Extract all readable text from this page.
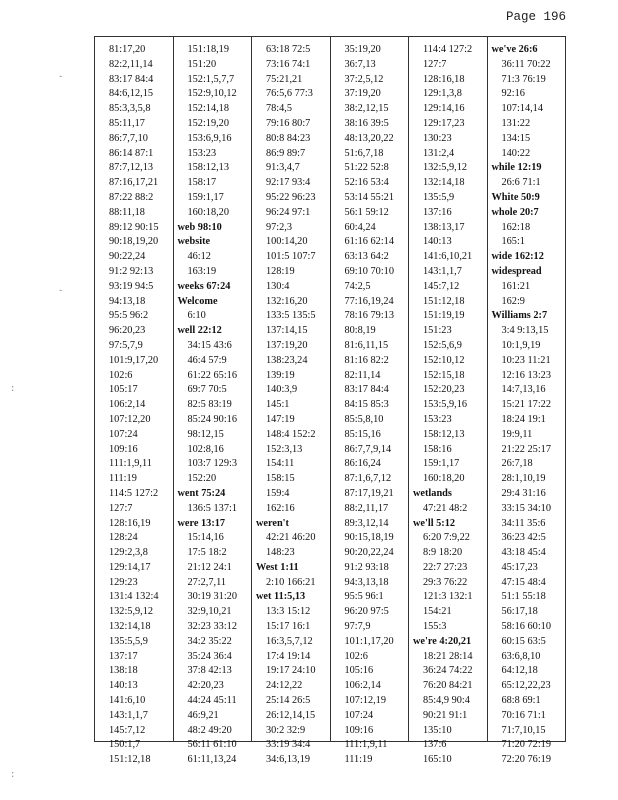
Page 196
-
-
:
:
81:17,20
82:2,11,14
83:17 84:4
84:6,12,15
85:3,3,5,8
85:11,17
86:7,7,10
86:14 87:1
87:7,12,13
87:16,17,21
87:22 88:2
88:11,18
89:12 90:15
90:18,19,20
90:22,24
91:2 92:13
93:19 94:5
94:13,18
95:5 96:2
96:20,23
97:5,7,9
101:9,17,20
102:6
105:17
106:2,14
107:12,20
107:24
109:16
111:1,9,11
111:19
114:5 127:2
127:7
128:16,19
128:24
129:2,3,8
129:14,17
129:23
131:4 132:4
132:5,9,12
132:14,18
135:5,5,9
137:17
138:18
140:13
141:6,10
143:1,1,7
145:7,12
150:1,7
151:12,18
151:18,19
151:20
152:1,5,7,7
152:9,10,12
152:14,18
152:19,20
153:6,9,16
153:23
158:12,13
158:17
159:1,17
160:18,20
web 98:10
website
46:12
163:19
weeks 67:24
Welcome
6:10
well 22:12
34:15 43:6
46:4 57:9
61:22 65:16
69:7 70:5
82:5 83:19
85:24 90:16
98:12,15
102:8,16
103:7 129:3
152:20
went 75:24
136:5 137:1
were 13:17
15:14,16
17:5 18:2
21:12 24:1
27:2,7,11
30:19 31:20
32:9,10,21
32:23 33:12
34:2 35:22
35:24 36:4
37:8 42:13
42:20,23
44:24 45:11
46:9,21
48:2 49:20
56:11 61:10
61:11,13,24
63:18 72:5
73:16 74:1
75:21,21
76:5,6 77:3
78:4,5
79:16 80:7
80:8 84:23
86:9 89:7
91:3,4,7
92:17 93:4
95:22 96:23
96:24 97:1
97:2,3
100:14,20
101:5 107:7
128:19
130:4
132:16,20
133:5 135:5
137:14,15
137:19,20
138:23,24
139:19
140:3,9
145:1
147:19
148:4 152:2
152:3,13
154:11
158:15
159:4
162:16
weren't
42:21 46:20
148:23
West 1:11
2:10 166:21
wet 11:5,13
13:3 15:12
15:17 16:1
16:3,5,7,12
17:4 19:14
19:17 24:10
24:12,22
25:14 26:5
26:12,14,15
30:2 32:9
33:19 34:4
34:6,13,19
35:19,20
36:7,13
37:2,5,12
37:19,20
38:2,12,15
38:16 39:5
48:13,20,22
51:6,7,18
51:22 52:8
52:16 53:4
53:14 55:21
56:1 59:12
60:4,24
61:16 62:14
63:13 64:2
69:10 70:10
74:2,5
77:16,19,24
78:16 79:13
80:8,19
81:6,11,15
81:16 82:2
82:11,14
83:17 84:4
84:15 85:3
85:5,8,10
85:15,16
86:7,7,9,14
86:16,24
87:1,6,7,12
87:17,19,21
88:2,11,17
89:3,12,14
90:15,18,19
90:20,22,24
91:2 93:18
94:3,13,18
95:5 96:1
96:20 97:5
97:7,9
101:1,17,20
102:6
105:16
106:2,14
107:12,19
107:24
109:16
111:1,9,11
111:19
114:4 127:2
127:7
128:16,18
129:1,3,8
129:14,16
129:17,23
130:23
131:2,4
132:5,9,12
132:14,18
135:5,9
137:16
138:13,17
140:13
141:6,10,21
143:1,1,7
145:7,12
151:12,18
151:19,19
151:23
152:5,6,9
152:10,12
152:15,18
152:20,23
153:5,9,16
153:23
158:12,13
158:16
159:1,17
160:18,20
wetlands
47:21 48:2
we'll 5:12
6:20 7:9,22
8:9 18:20
22:7 27:23
29:3 76:22
121:3 132:1
154:21
155:3
we're 4:20,21
18:21 28:14
36:24 74:22
76:20 84:21
85:4,9 90:4
90:21 91:1
135:10
137:6
165:10
we've 26:6
36:11 70:22
71:3 76:19
92:16
107:14,14
131:22
134:15
140:22
while 12:19
26:6 71:1
White 50:9
whole 20:7
162:18
165:1
wide 162:12
widespread
161:21
162:9
Williams 2:7
3:4 9:13,15
10:1,9,19
10:23 11:21
12:16 13:23
14:7,13,16
15:21 17:22
18:24 19:1
19:9,11
21:22 25:17
26:7,18
28:1,10,19
29:4 31:16
33:15 34:10
34:11 35:6
36:23 42:5
43:18 45:4
45:17,23
47:15 48:4
51:1 55:18
56:17,18
58:16 60:10
60:15 63:5
63:6,8,10
64:12,18
65:12,22,23
68:8 69:1
70:16 71:1
71:7,10,15
71:20 72:19
72:20 76:19
